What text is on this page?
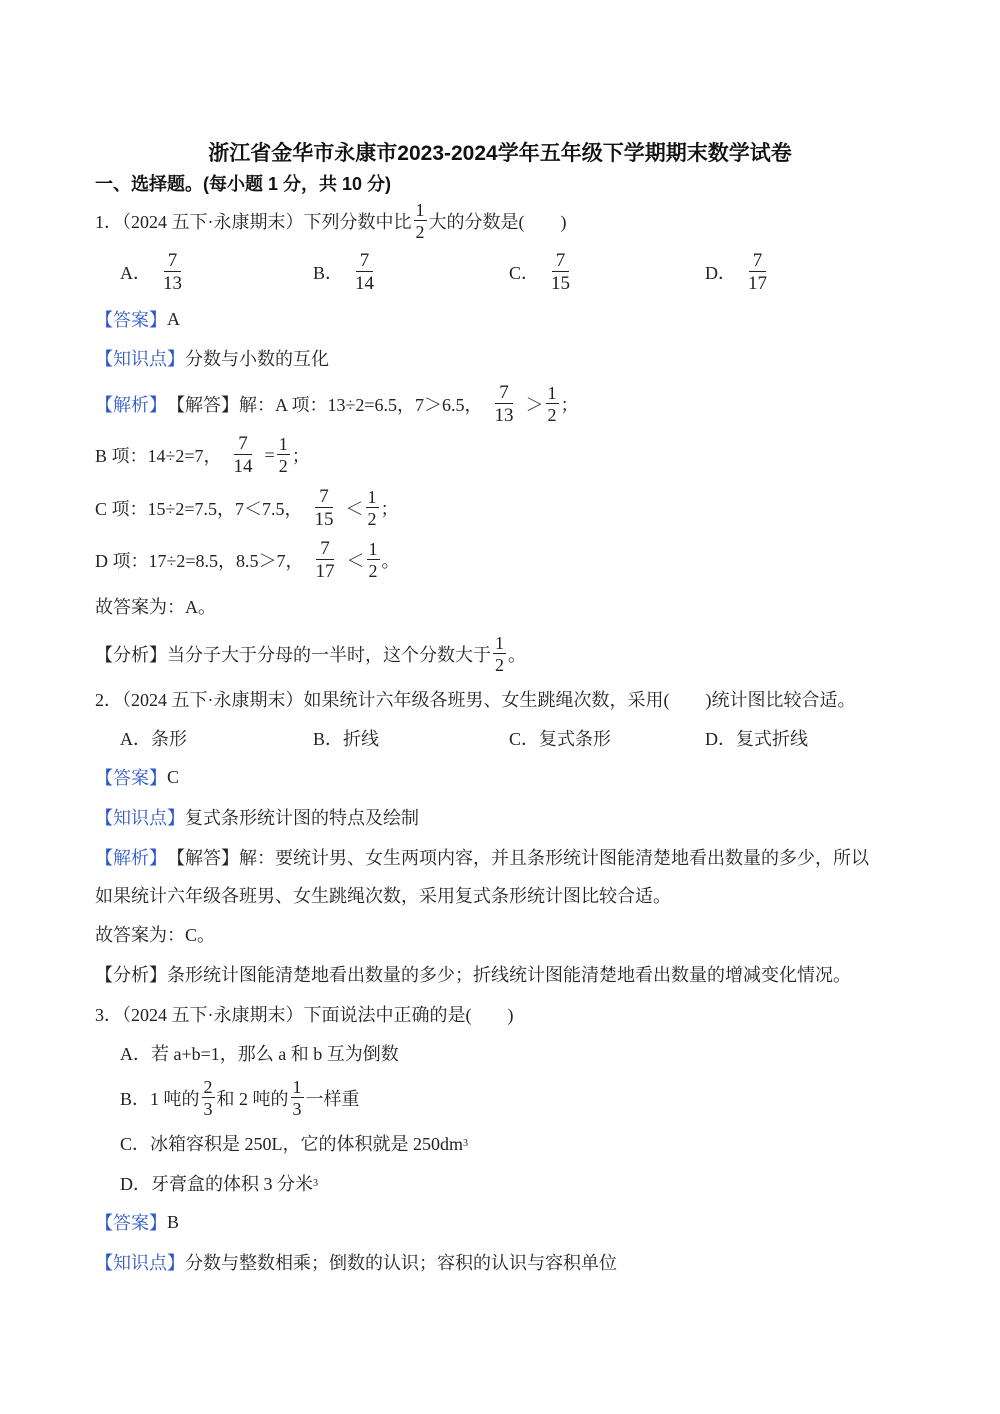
浙江省金华市永康市2023-2024学年五年级下学期期末数学试卷
一、选择题。(每小题 1 分，共 10 分)
1．（2024 五下·永康期末）下列分数中比 $\frac{1}{2}$ 大的分数是(　　)
A． $\frac{7}{13}$	B． $\frac{7}{14}$	C． $\frac{7}{15}$	D． $\frac{7}{17}$
【答案】 A
【知识点】 分数与小数的互化
【解析】 【解答】解：A 项：13÷2=6.5，7＞6.5， $\frac{7}{13} > \frac{1}{2}$ ；
B 项：14÷2=7， $\frac{7}{14} = \frac{1}{2}$ ；
C 项：15÷2=7.5，7＜7.5， $\frac{7}{15} < \frac{1}{2}$ ；
D 项：17÷2=8.5，8.5＞7， $\frac{7}{17} < \frac{1}{2}$ 。
故答案为：A。
【分析】当分子大于分母的一半时，这个分数大于 $\frac{1}{2}$ 。
2．（2024 五下·永康期末）如果统计六年级各班男、女生跳绳次数，采用(　　)统计图比较合适。
A．条形	B．折线	C．复式条形	D．复式折线
【答案】 C
【知识点】 复式条形统计图的特点及绘制
【解析】 【解答】解：要统计男、女生两项内容，并且条形统计图能清楚地看出数量的多少，所以
如果统计六年级各班男、女生跳绳次数，采用复式条形统计图比较合适。
故答案为：C。
【分析】条形统计图能清楚地看出数量的多少；折线统计图能清楚地看出数量的增减变化情况。
3．（2024 五下·永康期末）下面说法中正确的是(　　)
A．若 a+b=1，那么 a 和 b 互为倒数
B．1 吨的 $\frac{2}{3}$ 和 2 吨的 $\frac{1}{3}$ 一样重
C．冰箱容积是 250L，它的体积就是 250dm 3
D．牙膏盒的体积 3 分米 3
【答案】 B
【知识点】 分数与整数相乘；倒数的认识；容积的认识与容积单位
